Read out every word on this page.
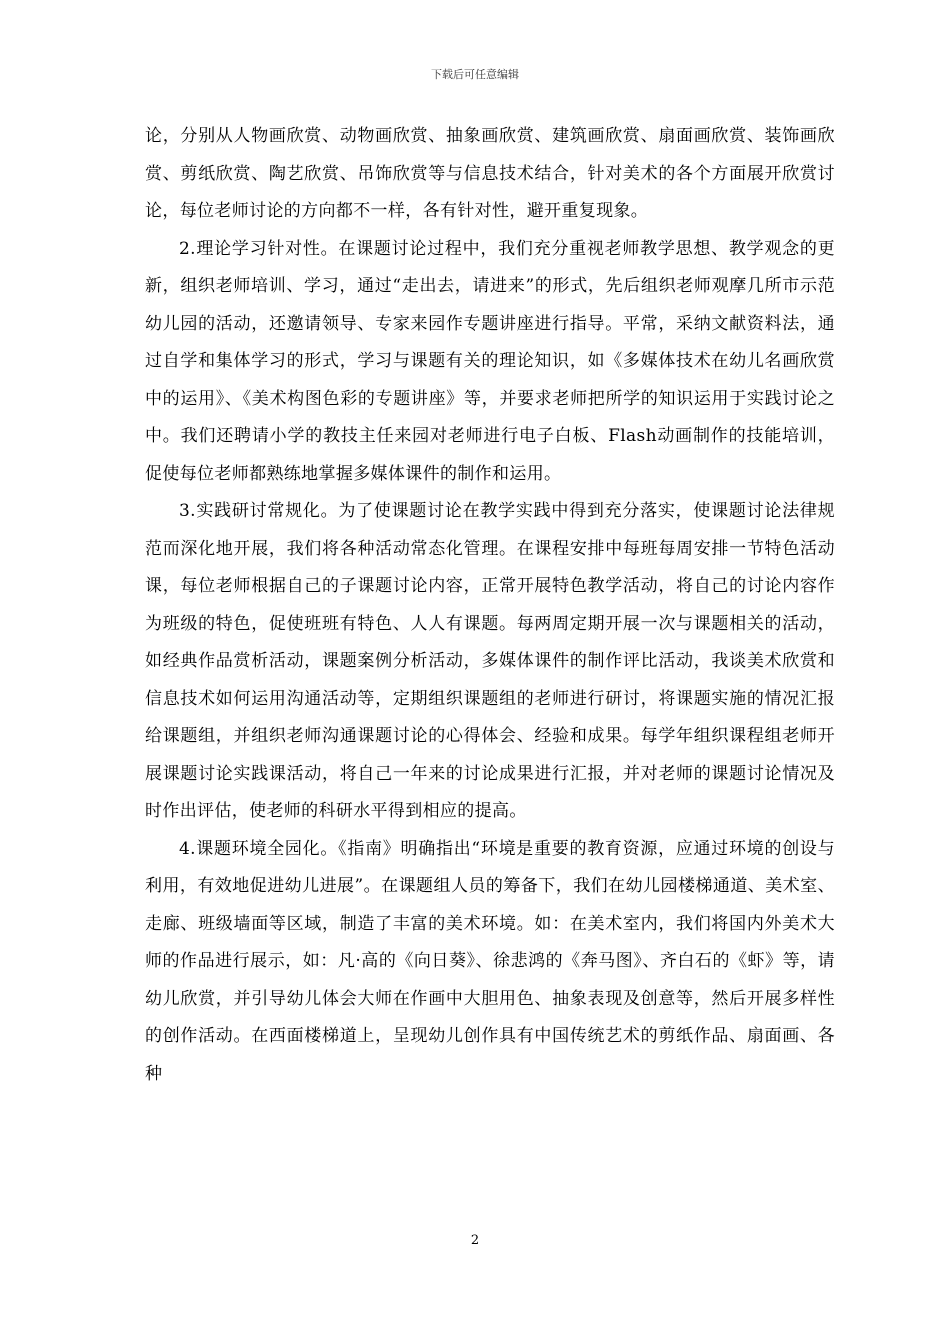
下载后可任意编辑

论，分别从人物画欣赏、动物画欣赏、抽象画欣赏、建筑画欣赏、扇面画欣赏、装饰画欣赏、剪纸欣赏、陶艺欣赏、吊饰欣赏等与信息技术结合，针对美术的各个方面展开欣赏讨论，每位老师讨论的方向都不一样，各有针对性，避开重复现象。

2.理论学习针对性。在课题讨论过程中，我们充分重视老师教学思想、教学观念的更新，组织老师培训、学习，通过“走出去，请进来”的形式，先后组织老师观摩几所市示范幼儿园的活动，还邀请领导、专家来园作专题讲座进行指导。平常，采纳文献资料法，通过自学和集体学习的形式，学习与课题有关的理论知识，如《多媒体技术在幼儿名画欣赏中的运用》、《美术构图色彩的专题讲座》等，并要求老师把所学的知识运用于实践讨论之中。我们还聘请小学的教技主任来园对老师进行电子白板、Flash动画制作的技能培训，促使每位老师都熟练地掌握多媒体课件的制作和运用。

3.实践研讨常规化。为了使课题讨论在教学实践中得到充分落实，使课题讨论法律规范而深化地开展，我们将各种活动常态化管理。在课程安排中每班每周安排一节特色活动课，每位老师根据自己的子课题讨论内容，正常开展特色教学活动，将自己的讨论内容作为班级的特色，促使班班有特色、人人有课题。每两周定期开展一次与课题相关的活动，如经典作品赏析活动，课题案例分析活动，多媒体课件的制作评比活动，我谈美术欣赏和信息技术如何运用沟通活动等，定期组织课题组的老师进行研讨，将课题实施的情况汇报给课题组，并组织老师沟通课题讨论的心得体会、经验和成果。每学年组织课程组老师开展课题讨论实践课活动，将自己一年来的讨论成果进行汇报，并对老师的课题讨论情况及时作出评估，使老师的科研水平得到相应的提高。

4.课题环境全园化。《指南》明确指出“环境是重要的教育资源，应通过环境的创设与利用，有效地促进幼儿进展”。在课题组人员的筹备下，我们在幼儿园楼梯通道、美术室、走廊、班级墙面等区域，制造了丰富的美术环境。如：在美术室内，我们将国内外美术大师的作品进行展示，如：凡·高的《向日葵》、徐悲鸿的《奔马图》、齐白石的《虾》等，请幼儿欣赏，并引导幼儿体会大师在作画中大胆用色、抽象表现及创意等，然后开展多样性的创作活动。在西面楼梯道上，呈现幼儿创作具有中国传统艺术的剪纸作品、扇面画、各种

2
